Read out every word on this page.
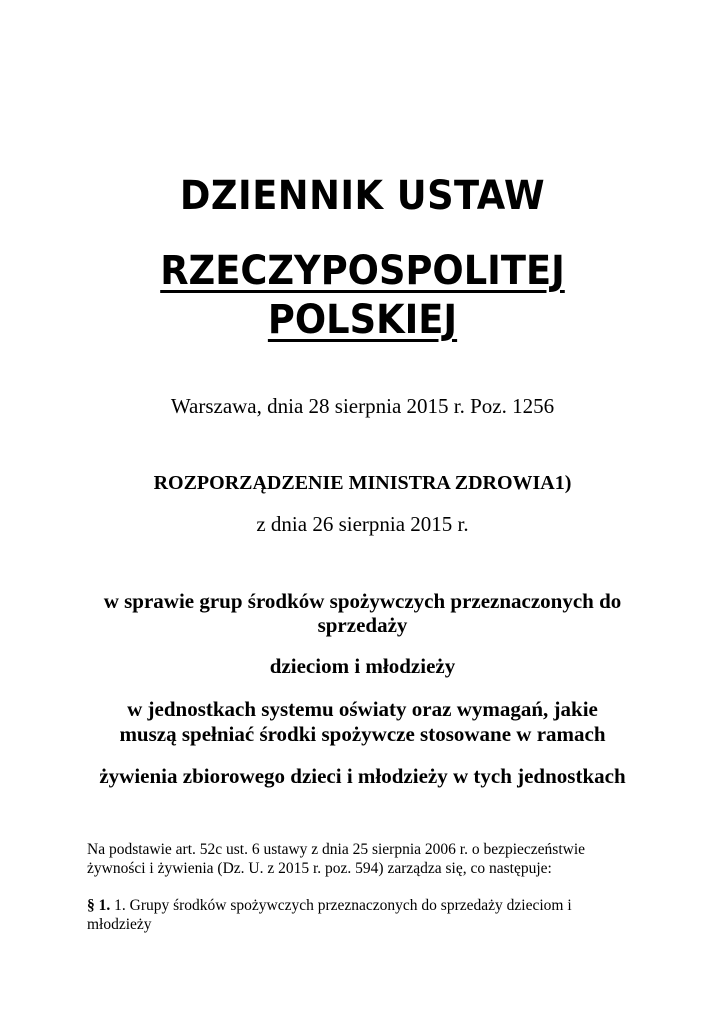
DZIENNIK USTAW
RZECZYPOSPOLITEJ
POLSKIEJ
Warszawa, dnia 28 sierpnia 2015 r. Poz. 1256
ROZPORZĄDZENIE MINISTRA ZDROWIA1)
z dnia 26 sierpnia 2015 r.
w sprawie grup środków spożywczych przeznaczonych do
sprzedaży
dzieciom i młodzieży
w jednostkach systemu oświaty oraz wymagań, jakie
muszą spełniać środki spożywcze stosowane w ramach
żywienia zbiorowego dzieci i młodzieży w tych jednostkach
Na podstawie art. 52c ust. 6 ustawy z dnia 25 sierpnia 2006 r. o bezpieczeństwie
żywności i żywienia (Dz. U. z 2015 r. poz. 594) zarządza się, co następuje:
§ 1. 1. Grupy środków spożywczych przeznaczonych do sprzedaży dzieciom i
młodzieży
